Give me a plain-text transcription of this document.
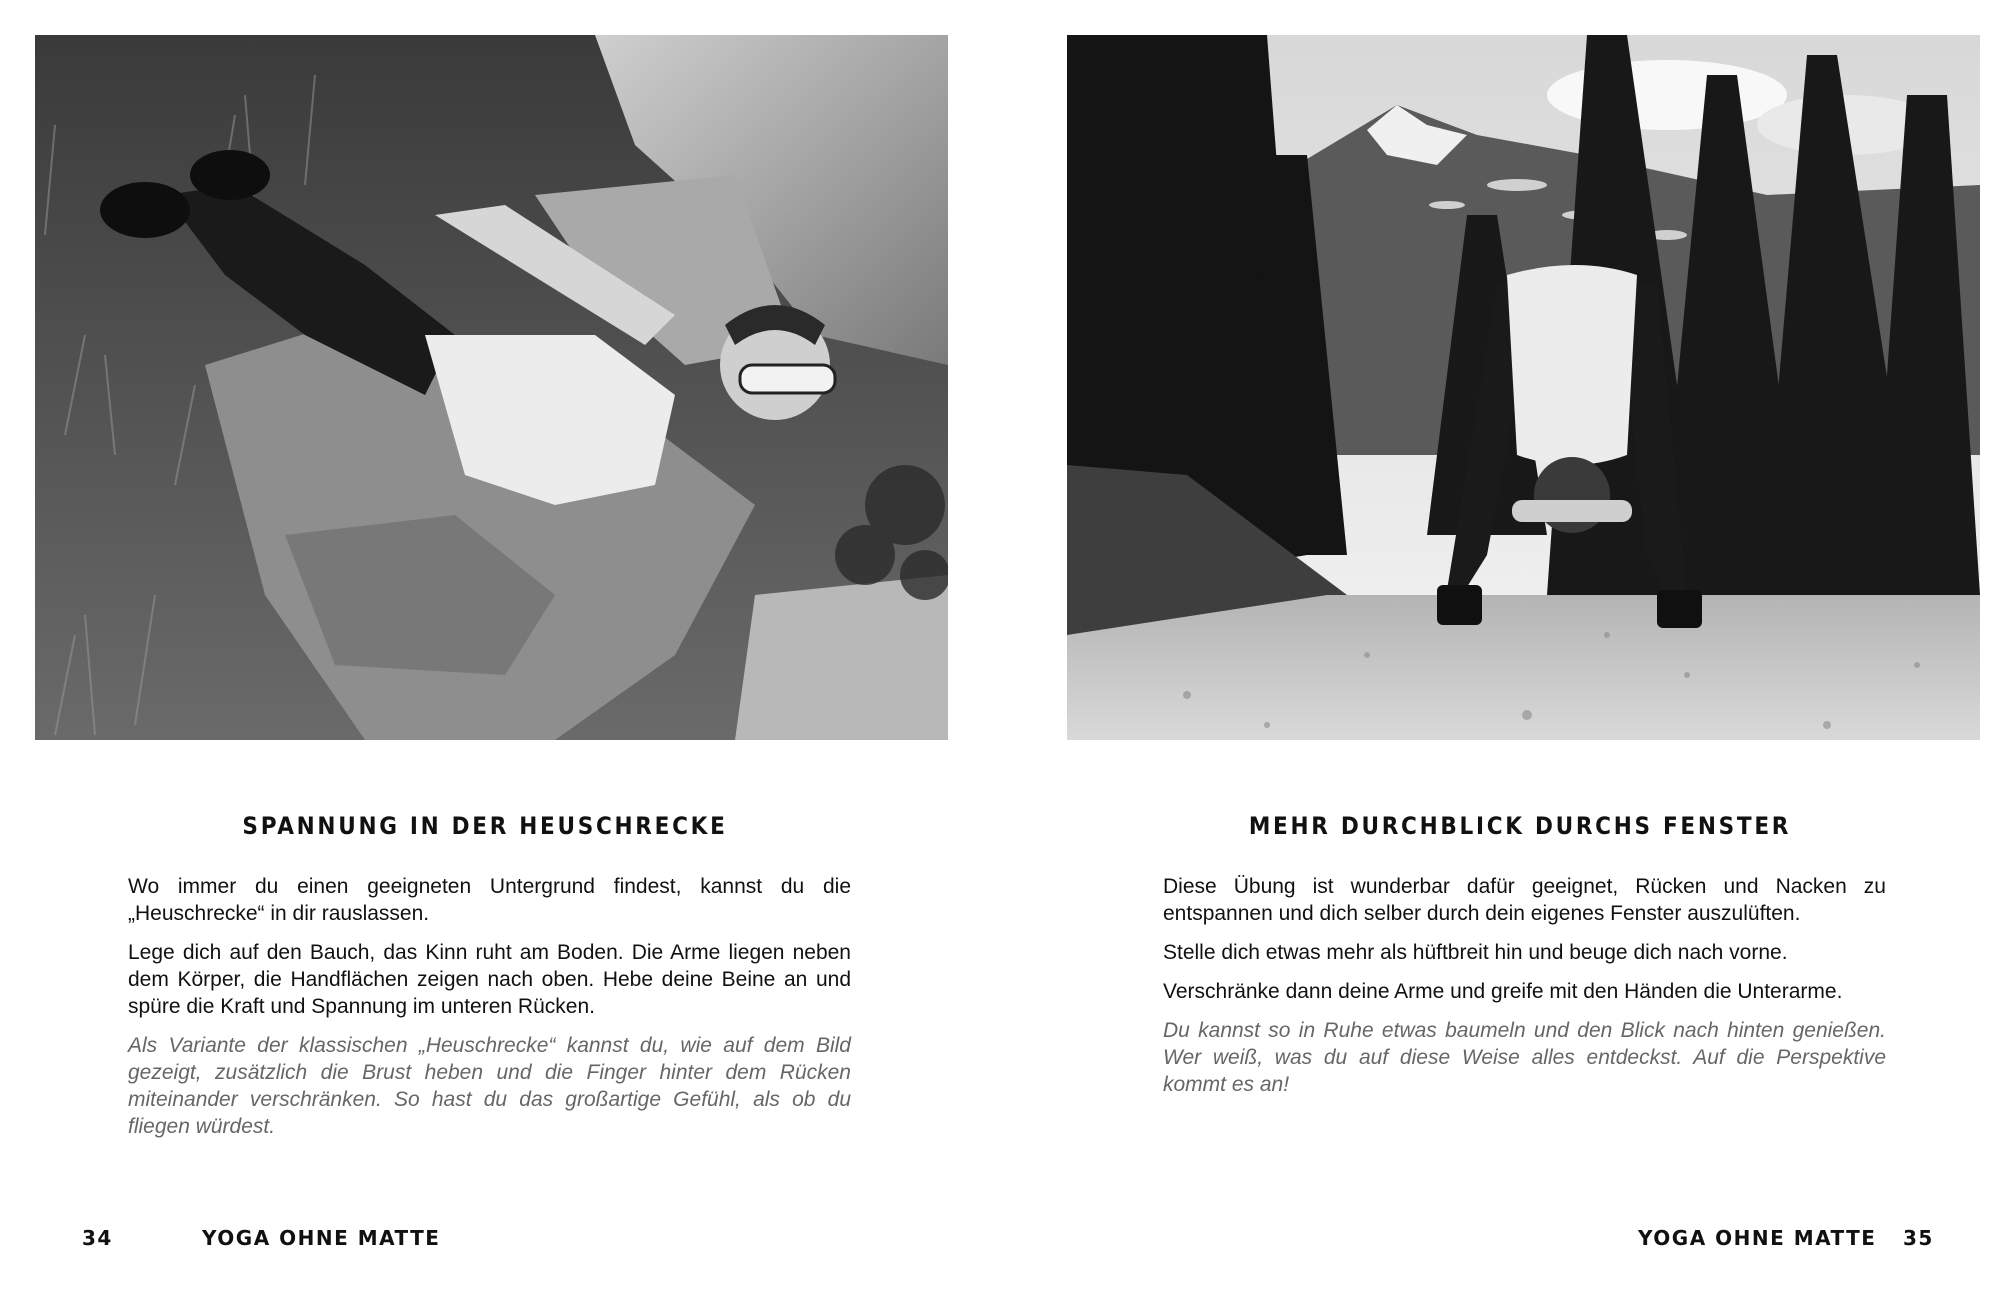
SPANNUNG IN DER HEUSCHRECKE

Wo immer du einen geeigneten Untergrund findest, kannst du die „Heuschrecke“ in dir rauslassen.

Lege dich auf den Bauch, das Kinn ruht am Boden. Die Arme liegen neben dem Körper, die Handflächen zeigen nach oben. Hebe deine Beine an und spüre die Kraft und Spannung im unteren Rücken.

Als Variante der klassischen „Heuschrecke“ kannst du, wie auf dem Bild gezeigt, zusätzlich die Brust heben und die Finger hinter dem Rücken miteinander verschränken. So hast du das großartige Gefühl, als ob du fliegen würdest.

MEHR DURCHBLICK DURCHS FENSTER

Diese Übung ist wunderbar dafür geeignet, Rücken und Nacken zu entspannen und dich selber durch dein eigenes Fenster auszulüften.

Stelle dich etwas mehr als hüftbreit hin und beuge dich nach vorne.

Verschränke dann deine Arme und greife mit den Händen die Unterarme.

Du kannst so in Ruhe etwas baumeln und den Blick nach hinten genießen. Wer weiß, was du auf diese Weise alles entdeckst. Auf die Perspektive kommt es an!

34	YOGA OHNE MATTE	YOGA OHNE MATTE 35
